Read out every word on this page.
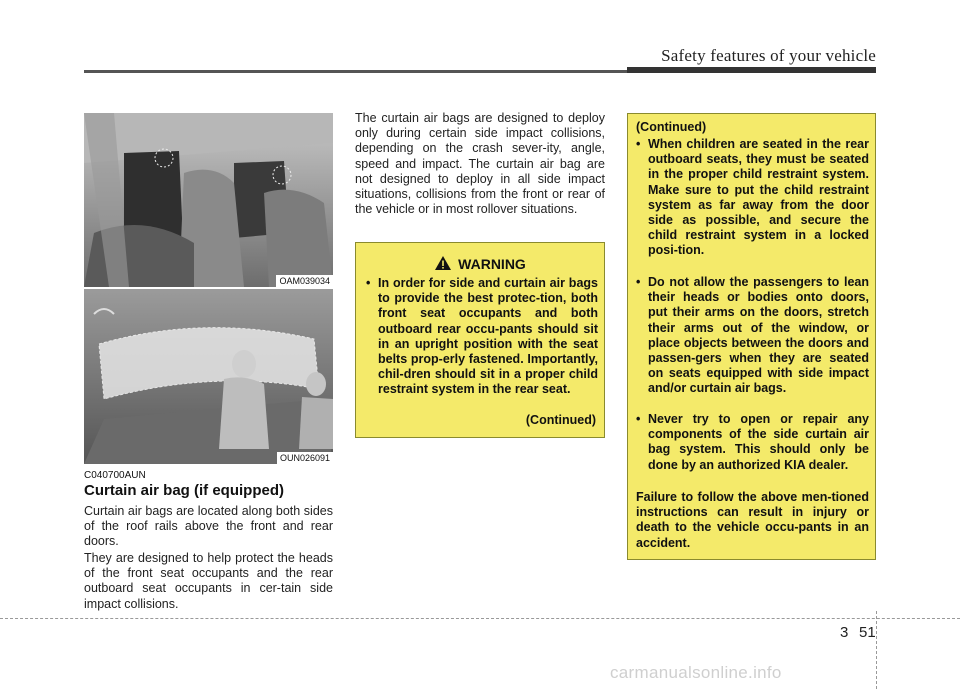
Safety features of your vehicle
OAM039034
OUN026091
C040700AUN
Curtain air bag (if equipped)

Curtain air bags are located along both sides of the roof rails above the front and rear doors.

They are designed to help protect the heads of the front seat occupants and the rear outboard seat occupants in cer-tain side impact collisions.

The curtain air bags are designed to deploy only during certain side impact collisions, depending on the crash sever-ity, angle, speed and impact. The curtain air bag are not designed to deploy in all side impact situations, collisions from the front or rear of the vehicle or in most rollover situations.

WARNING
• In order for side and curtain air bags to provide the best protec-tion, both front seat occupants and both outboard rear occu-pants should sit in an upright position with the seat belts prop-erly fastened. Importantly, chil-dren should sit in a proper child restraint system in the rear seat.
(Continued)
(Continued)
• When children are seated in the rear outboard seats, they must be seated in the proper child restraint system. Make sure to put the child restraint system as far away from the door side as possible, and secure the child restraint system in a locked posi-tion.
• Do not allow the passengers to lean their heads or bodies onto doors, put their arms on the doors, stretch their arms out of the window, or place objects between the doors and passen-gers when they are seated on seats equipped with side impact and/or curtain air bags.
• Never try to open or repair any components of the side curtain air bag system. This should only be done by an authorized KIA dealer.
Failure to follow the above men-tioned instructions can result in injury or death to the vehicle occu-pants in an accident.
3 51
carmanualsonline.info
